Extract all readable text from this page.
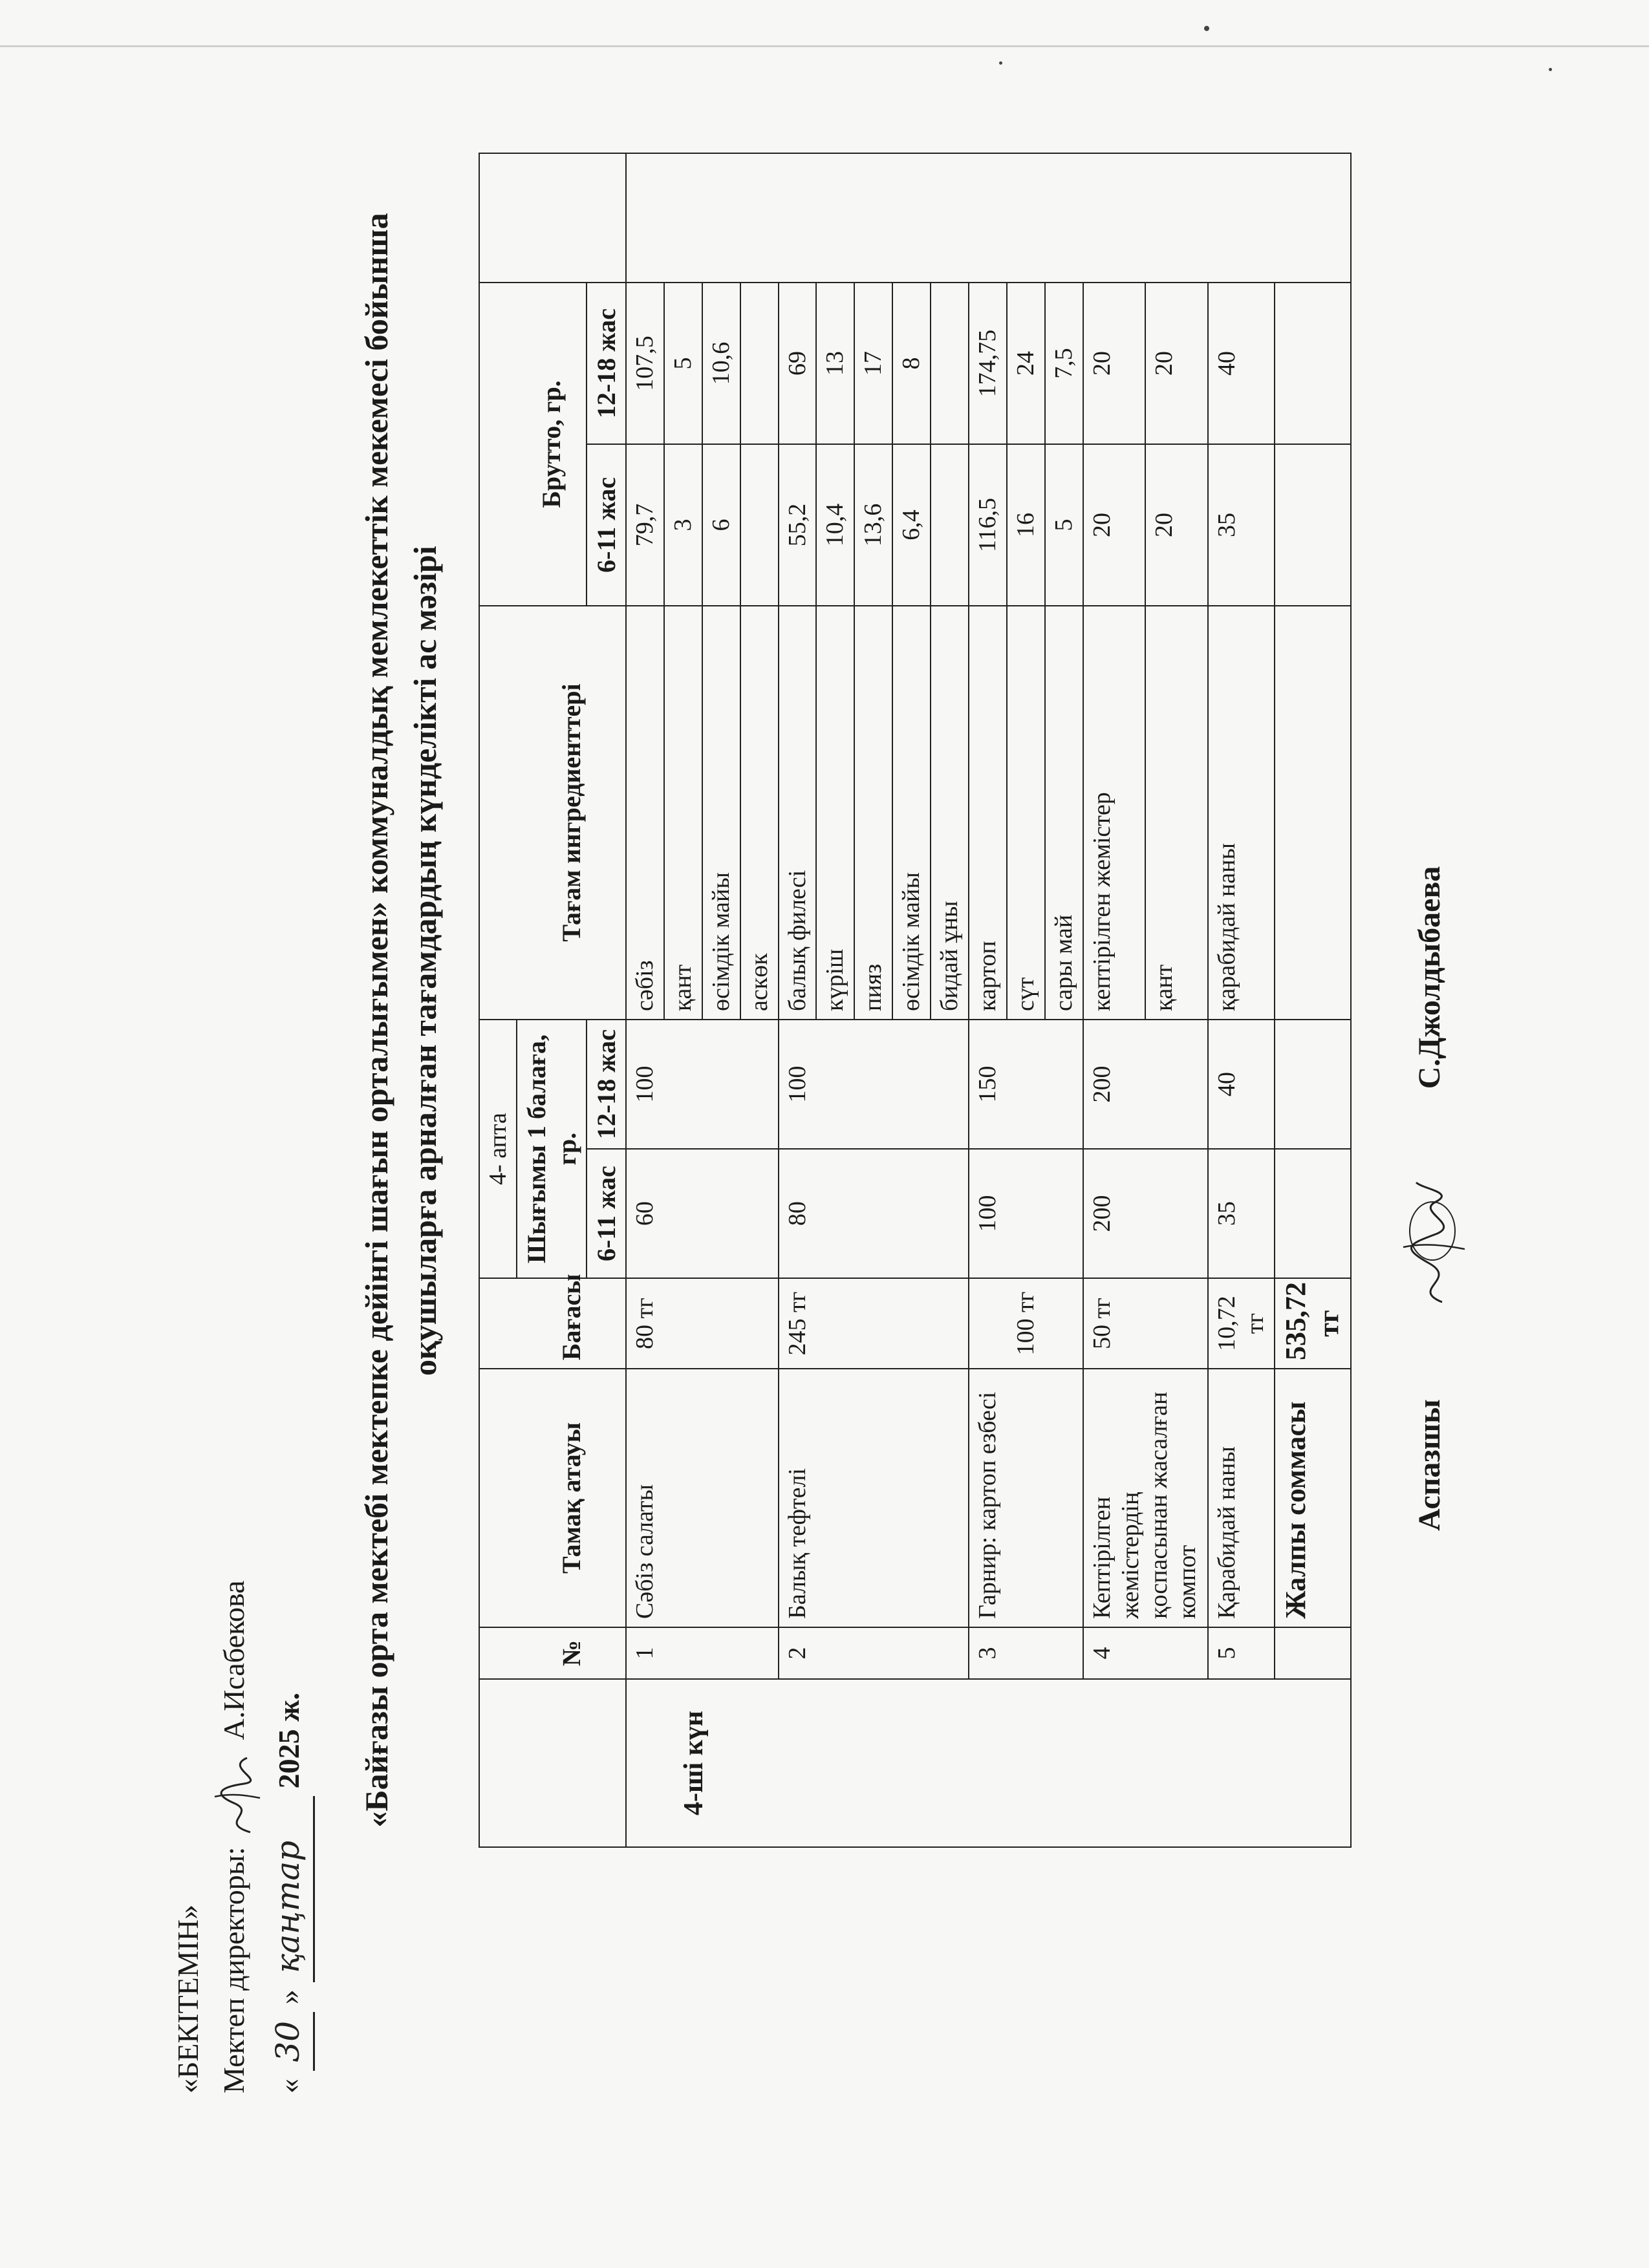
«БЕКІТЕМІН» Мектеп директоры:  А.Исабекова
« 30 » қаңтар 2025 ж.	«Байғазы орта мектебі мектепке дейінгі шағын орталығымен» коммуналдық мемлекеттік мекемесі бойынша оқушыларға арналған тағамдардың күнделікті ас мәзірі
				4- апта					
	№	Тамақ атауы	Бағасы	Шығымы 1 балаға, гр.		Тағам ингредиенттері	Брутто, гр.		
				6-11 жас	12-18 жас		6-11 жас	12-18 жас	
4-ші күн	1	Сәбіз салаты	80 тг	60	100	сәбіз	79,7	107,5	
						қант	3	5	
						өсімдік майы	6	10,6	
						аскөк			
	2	Балық тефтелі	245 тг	80	100	балық филесі	55,2	69	
						күріш	10,4	13	
						пияз	13,6	17	
						өсімдік майы	6,4	8	
						бидай ұны			
	3	Гарнир: картоп езбесі	100 тг	100	150	картоп	116,5	174,75	
						сүт	16	24	
						сары май	5	7,5	
	4	Кептірілген жемістердің қоспасынан жасалған компот	50 тг	200	200	кептірілген жемістер	20	20	
						қант	20	20	
	5	Қарабидай наны	10,72 тг	35	40	қарабидай наны	35	40	
		Жалпы соммасы	535,72 тг						
Аспазшы    С.Джолдыбаева
